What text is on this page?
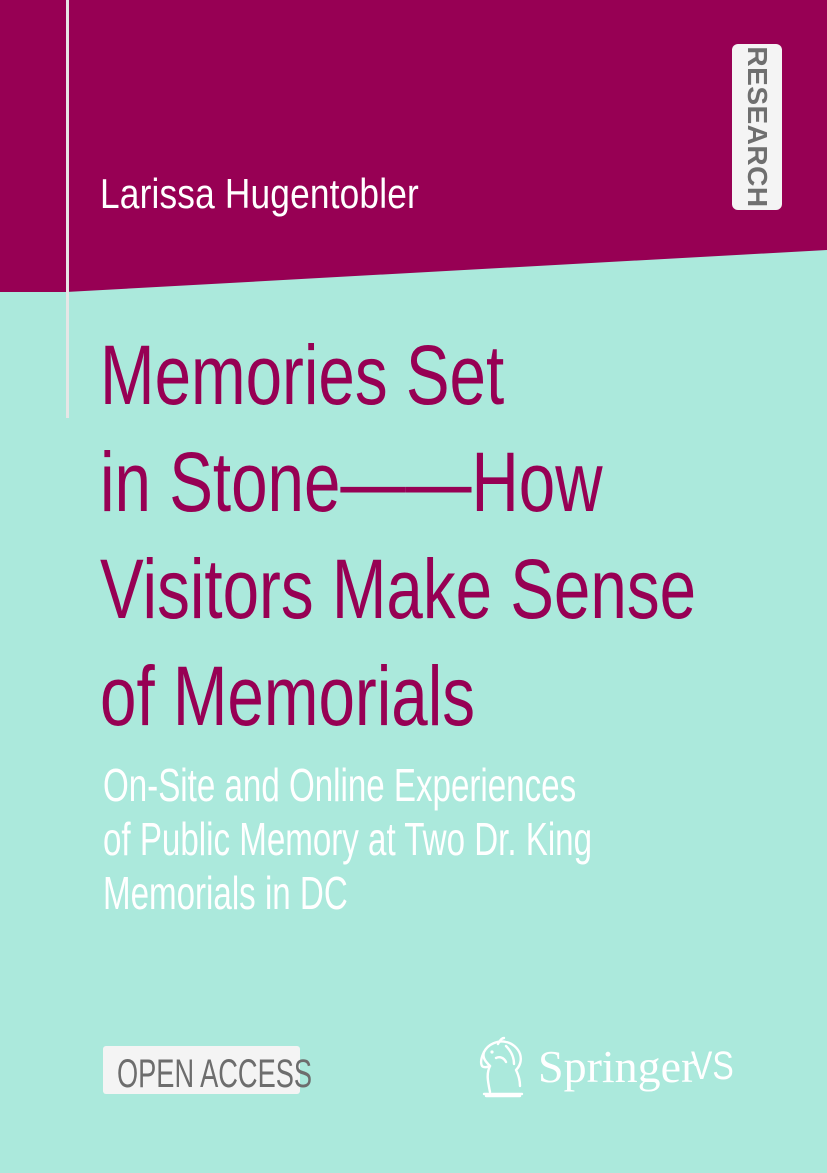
Larissa Hugentobler	RESEARCH
Memories Set
in Stone——How
Visitors Make Sense
of Memorials
On-Site and Online Experiences
of Public Memory at Two Dr. King
Memorials in DC
OPEN ACCESS	Springer
VS
